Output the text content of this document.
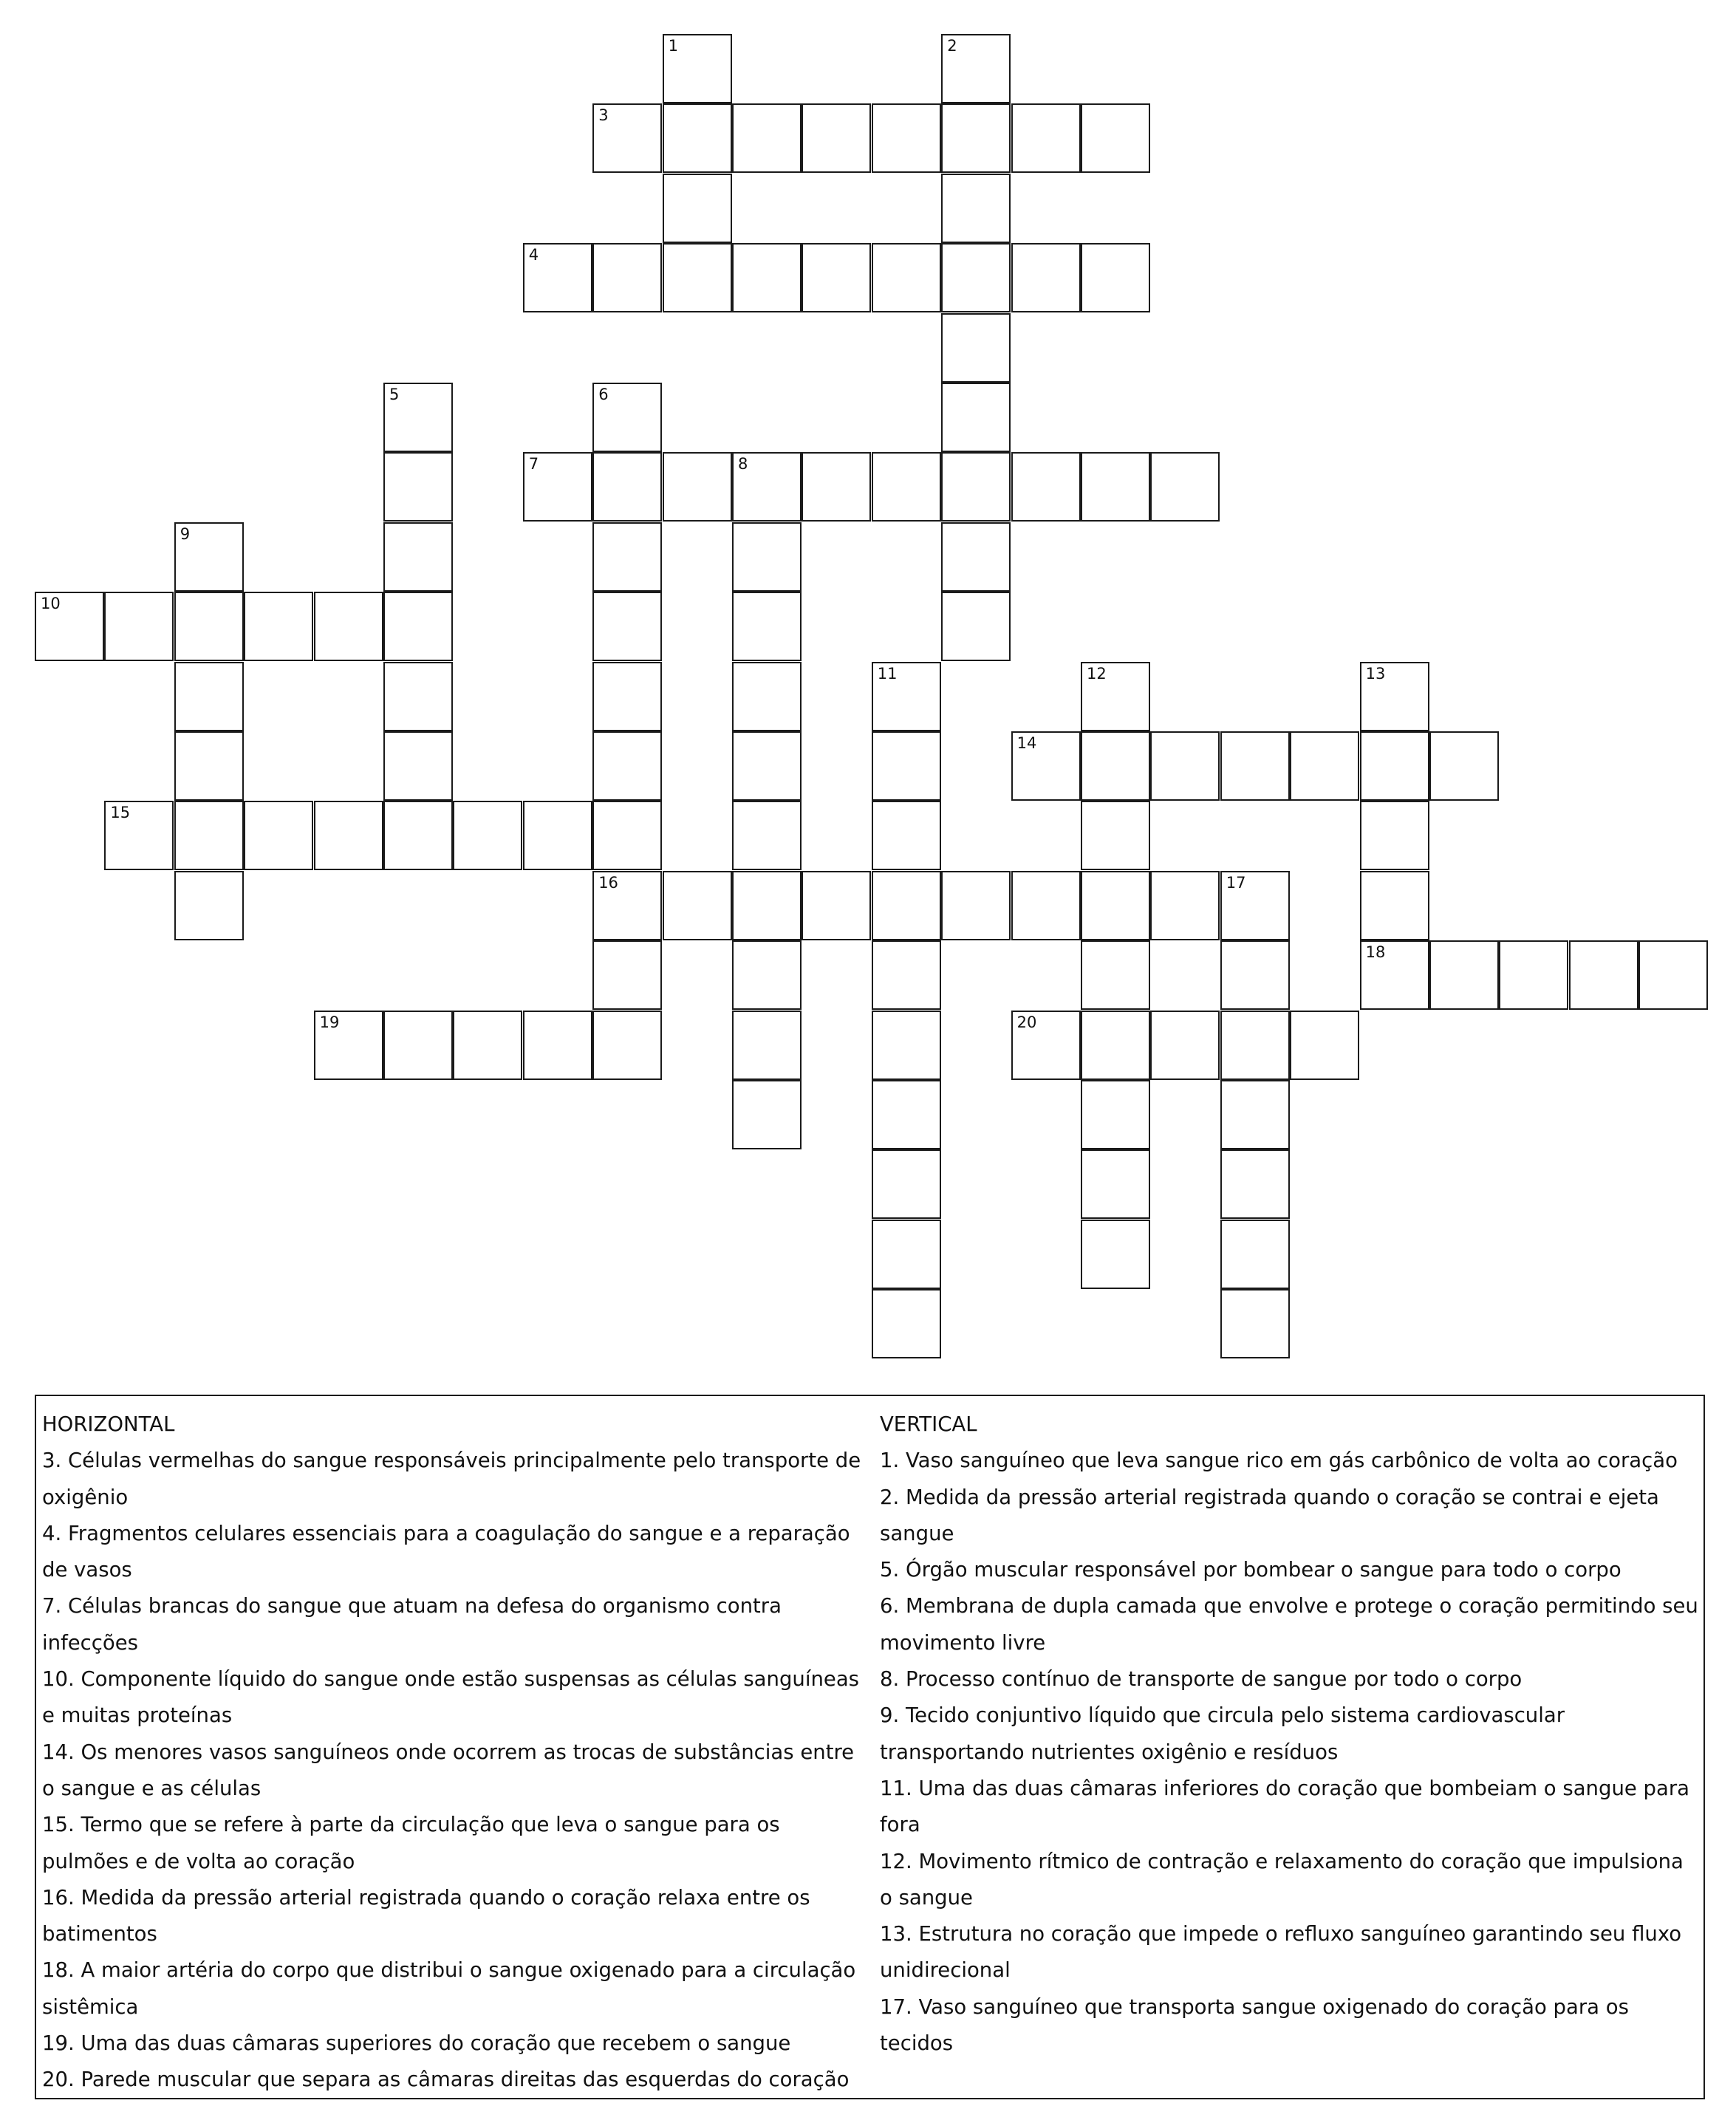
1	2
3
4
5	6
16
7	8
9
10
11	12	13
18
14
15
17
19	20

HORIZONTAL

3. Células vermelhas do sangue responsáveis principalmente pelo transporte de oxigênio

4. Fragmentos celulares essenciais para a coagulação do sangue e a reparação de vasos

7. Células brancas do sangue que atuam na defesa do organismo contra infecções

10. Componente líquido do sangue onde estão suspensas as células sanguíneas e muitas proteínas

14. Os menores vasos sanguíneos onde ocorrem as trocas de substâncias entre o sangue e as células

15. Termo que se refere à parte da circulação que leva o sangue para os pulmões e de volta ao coração

16. Medida da pressão arterial registrada quando o coração relaxa entre os batimentos

18. A maior artéria do corpo que distribui o sangue oxigenado para a circulação sistêmica

19. Uma das duas câmaras superiores do coração que recebem o sangue

20. Parede muscular que separa as câmaras direitas das esquerdas do coração

VERTICAL

1. Vaso sanguíneo que leva sangue rico em gás carbônico de volta ao coração

2. Medida da pressão arterial registrada quando o coração se contrai e ejeta sangue

5. Órgão muscular responsável por bombear o sangue para todo o corpo

6. Membrana de dupla camada que envolve e protege o coração permitindo seu movimento livre

8. Processo contínuo de transporte de sangue por todo o corpo

9. Tecido conjuntivo líquido que circula pelo sistema cardiovascular transportando nutrientes oxigênio e resíduos

11. Uma das duas câmaras inferiores do coração que bombeiam o sangue para fora

12. Movimento rítmico de contração e relaxamento do coração que impulsiona o sangue

13. Estrutura no coração que impede o refluxo sanguíneo garantindo seu fluxo unidirecional

17. Vaso sanguíneo que transporta sangue oxigenado do coração para os tecidos
